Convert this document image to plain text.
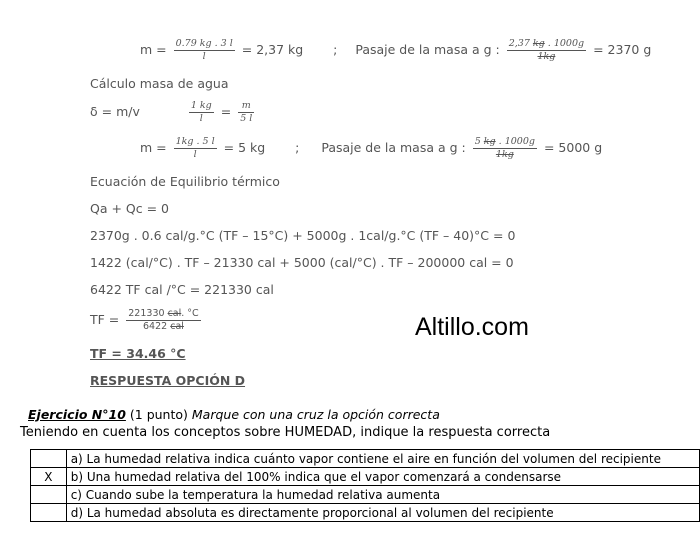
$m = \frac{0.79 kg . 3 l}{l} = 2,37$ kg ; Pasaje de la masa a g : $\frac{2,37 kg . 1000g}{1kg} = 2370$ g
Cálculo masa de agua
δ = m/v	$\frac{1 kg}{l} = \frac{m}{5 l}$
$m = \frac{1kg . 5 l}{l} = 5$ kg ; Pasaje de la masa a g : $\frac{5 kg . 1000g}{1kg} = 5000$ g
Ecuación de Equilibrio térmico
Qa + Qc = 0
2370g . 0.6 cal/g.°C (TF – 15°C) + 5000g . 1cal/g.°C (TF – 40)°C = 0
1422 (cal/°C) . TF – 21330 cal + 5000 (cal/°C) . TF – 200000 cal = 0
6422 TF cal /°C = 221330 cal
TF = $\frac{\text{221330 cal. °C}}{\text{6422 cal}}$
TF = 34.46 °C
RESPUESTA OPCIÓN D
Altillo.com
Ejercicio N°10 (1 punto) Marque con una cruz la opción correcta
Teniendo en cuenta los conceptos sobre HUMEDAD, indique la respuesta correcta
	a) La humedad relativa indica cuánto vapor contiene el aire en función del volumen del recipiente
X	b) Una humedad relativa del 100% indica que el vapor comenzará a condensarse
	c) Cuando sube la temperatura la humedad relativa aumenta
	d) La humedad absoluta es directamente proporcional al volumen del recipiente
